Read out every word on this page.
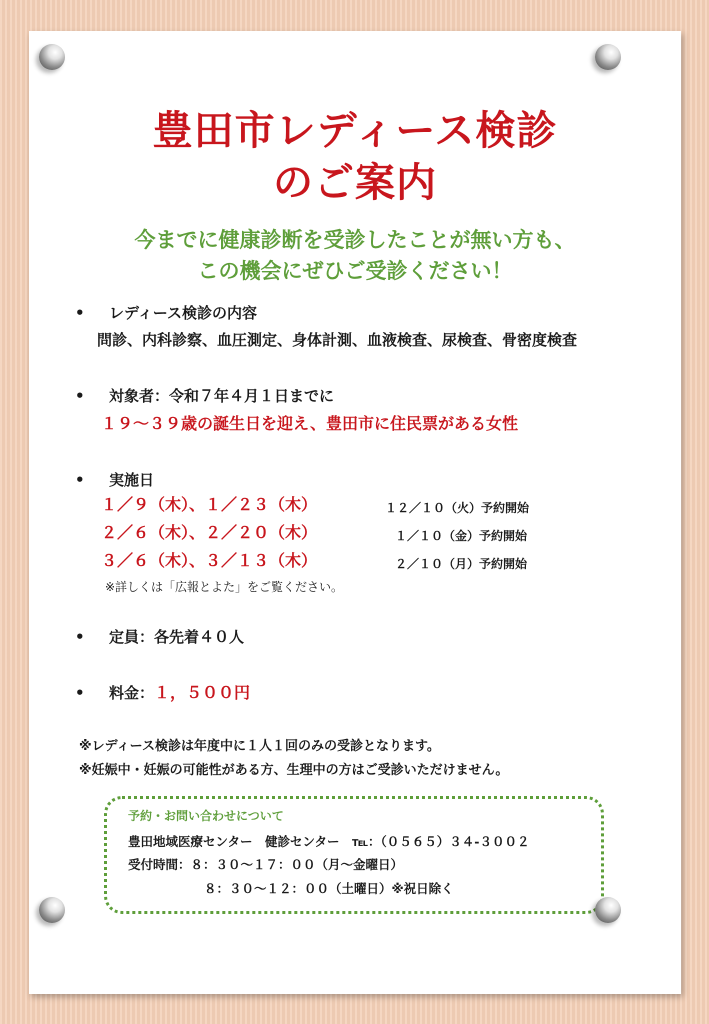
豊田市レディース検診
のご案内
今までに健康診断を受診したことが無い方も、
この機会にぜひご受診ください！
• レディース検診の内容
問診、内科診察、血圧測定、身体計測、血液検査、尿検査、骨密度検査
• 対象者：令和７年４月１日までに
１９～３９歳の誕生日を迎え、豊田市に住民票がある女性
• 実施日
１／９（木）、１／２３（木）	１２／１０（火）予約開始
２／６（木）、２／２０（木）	１／１０（金）予約開始
３／６（木）、３／１３（木）	２／１０（月）予約開始
※詳しくは「広報とよた」をご覧ください。
• 定員：各先着４０人
• 料金：１，５００円
※レディース検診は年度中に１人１回のみの受診となります。
※妊娠中・妊娠の可能性がある方、生理中の方はご受診いただけません。
予約・お問い合わせについて
豊田地域医療センター　健診センター　℡：（０５６５）３４-３００２
受付時間：８：３０～１７：００（月～金曜日）
８：３０～１２：００（土曜日）※祝日除く
